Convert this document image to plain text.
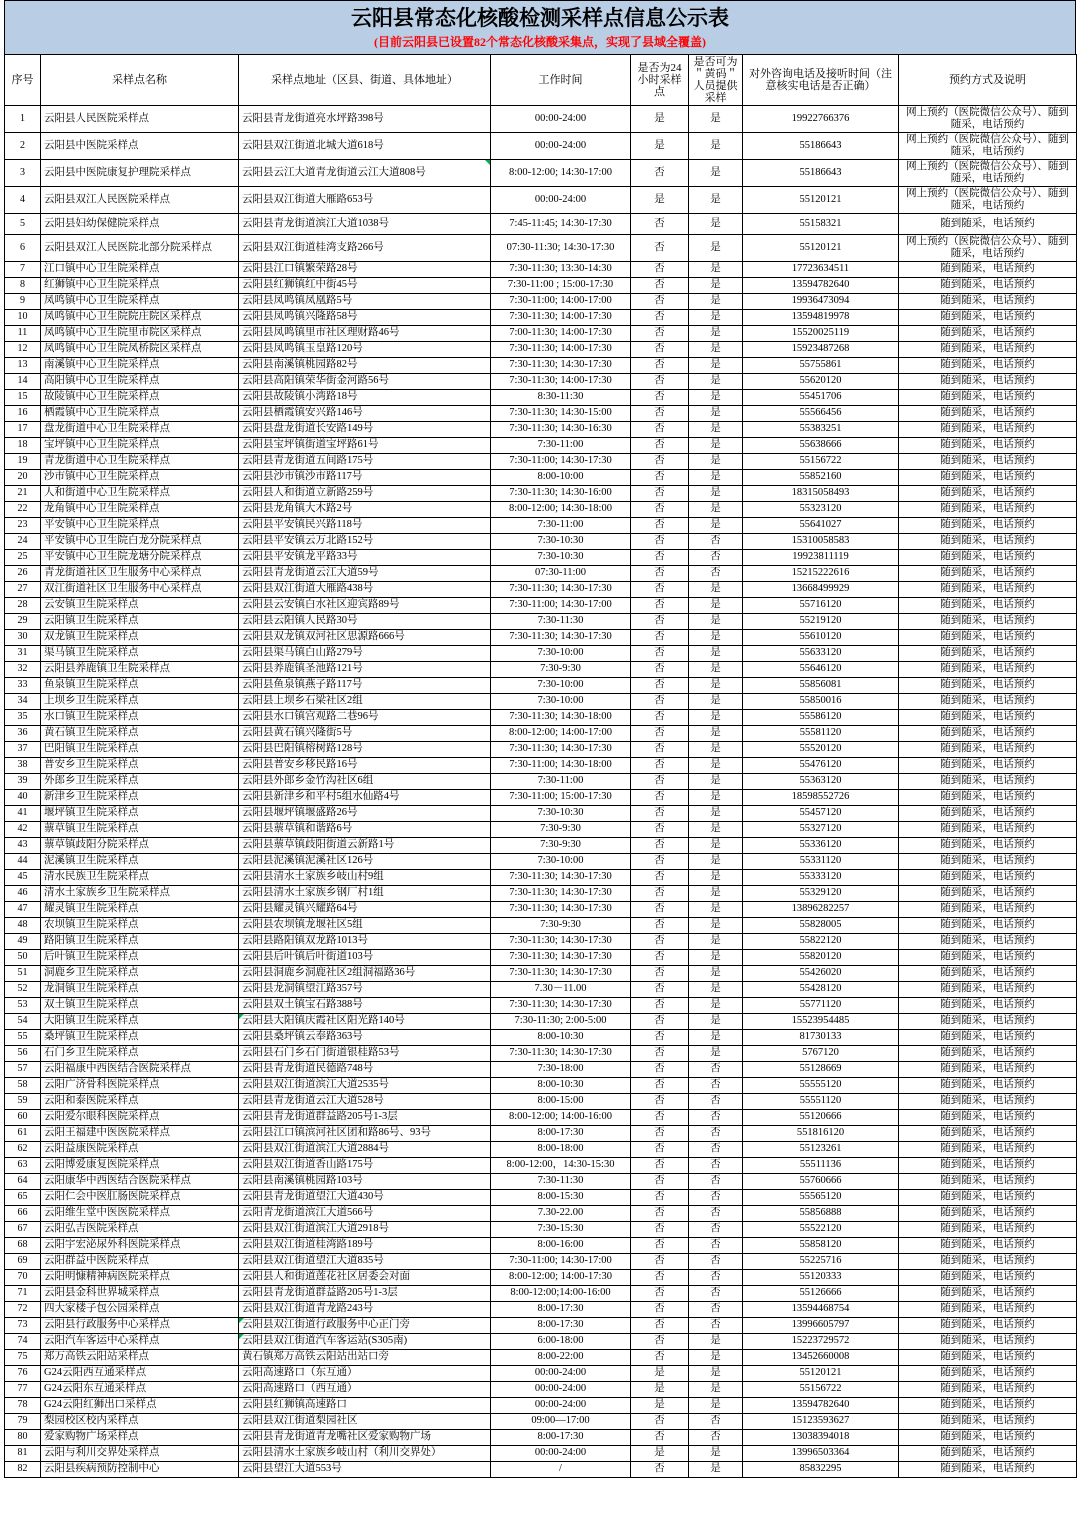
云阳县常态化核酸检测采样点信息公示表
(目前云阳县已设置82个常态化核酸采集点，实现了县域全覆盖)
序号	采样点名称	采样点地址（区县、街道、具体地址）	工作时间	是否为24小时采样点	是否可为＂黄码＂人员提供采样	对外咨询电话及接听时间（注意核实电话是否正确）	预约方式及说明
1	云阳县人民医院采样点	云阳县青龙街道亮水坪路398号	00:00-24:00	是	是	19922766376	网上预约（医院微信公众号）、随到随采，电话预约
2	云阳县中医院采样点	云阳县双江街道北城大道618号	00:00-24:00	是	是	55186643	网上预约（医院微信公众号）、随到随采，电话预约
3	云阳县中医院康复护理院采样点	云阳县云江大道青龙街道云江大道808号	8:00-12:00; 14:30-17:00	否	是	55186643	网上预约（医院微信公众号）、随到随采，电话预约
4	云阳县双江人民医院采样点	云阳县双江街道大雁路653号	00:00-24:00	是	是	55120121	网上预约（医院微信公众号）、随到随采，电话预约
5	云阳县妇幼保健院采样点	云阳县青龙街道滨江大道1038号	7:45-11:45; 14:30-17:30	否	是	55158321	随到随采，电话预约
6	云阳县双江人民医院北部分院采样点	云阳县双江街道桂湾支路266号	07:30-11:30; 14:30-17:30	否	是	55120121	网上预约（医院微信公众号）、随到随采，电话预约
7	江口镇中心卫生院采样点	云阳县江口镇繁荣路28号	7:30-11:30; 13:30-14:30	否	是	17723634511	随到随采，电话预约
8	红狮镇中心卫生院采样点	云阳县红狮镇红中街45号	7:30-11:00 ; 15:00-17:30	否	是	13594782640	随到随采，电话预约
9	凤鸣镇中心卫生院采样点	云阳县凤鸣镇凤凰路5号	7:30-11:00; 14:00-17:00	否	是	19936473094	随到随采，电话预约
10	凤鸣镇中心卫生院院庄院区采样点	云阳县凤鸣镇兴隆路58号	7:30-11:30; 14:00-17:30	否	是	13594819978	随到随采，电话预约
11	凤鸣镇中心卫生院里市院区采样点	云阳县凤鸣镇里市社区理财路46号	7:00-11:30; 14:00-17:30	否	是	15520025119	随到随采，电话预约
12	凤鸣镇中心卫生院凤桥院区采样点	云阳县凤鸣镇玉皇路120号	7:30-11:30; 14:00-17:30	否	是	15923487268	随到随采，电话预约
13	南溪镇中心卫生院采样点	云阳县南溪镇桃园路82号	7:30-11:30; 14:30-17:30	否	是	55755861	随到随采，电话预约
14	高阳镇中心卫生院采样点	云阳县高阳镇荣华街金河路56号	7:30-11:30; 14:00-17:30	否	是	55620120	随到随采，电话预约
15	故陵镇中心卫生院采样点	云阳县故陵镇小湾路18号	8:30-11:30	否	是	55451706	随到随采，电话预约
16	栖霞镇中心卫生院采样点	云阳县栖霞镇安兴路146号	7:30-11:30; 14:30-15:00	否	是	55566456	随到随采，电话预约
17	盘龙街道中心卫生院采样点	云阳县盘龙街道长安路149号	7:30-11:30; 14:30-16:30	否	是	55383251	随到随采，电话预约
18	宝坪镇中心卫生院采样点	云阳县宝坪镇街道宝坪路61号	7:30-11:00	否	是	55638666	随到随采，电话预约
19	青龙街道中心卫生院采样点	云阳县青龙街道五间路175号	7:30-11:00; 14:30-17:30	否	是	55156722	随到随采，电话预约
20	沙市镇中心卫生院采样点	云阳县沙市镇沙市路117号	8:00-10:00	否	是	55852160	随到随采，电话预约
21	人和街道中心卫生院采样点	云阳县人和街道立新路259号	7:30-11:30; 14:30-16:00	否	是	18315058493	随到随采，电话预约
22	龙角镇中心卫生院采样点	云阳县龙角镇大木路2号	8:00-12:00; 14:30-18:00	否	是	55323120	随到随采，电话预约
23	平安镇中心卫生院采样点	云阳县平安镇民兴路118号	7:30-11:00	否	是	55641027	随到随采，电话预约
24	平安镇中心卫生院白龙分院采样点	云阳县平安镇云万北路152号	7:30-10:30	否	否	15310058583	随到随采，电话预约
25	平安镇中心卫生院龙塘分院采样点	云阳县平安镇龙平路33号	7:30-10:30	否	否	19923811119	随到随采，电话预约
26	青龙街道社区卫生服务中心采样点	云阳县青龙街道云江大道59号	07:30-11:00	否	否	15215222616	随到随采，电话预约
27	双江街道社区卫生服务中心采样点	云阳县双江街道大雁路438号	7:30-11:30; 14:30-17:30	否	是	13668499929	随到随采，电话预约
28	云安镇卫生院采样点	云阳县云安镇白水社区迎宾路89号	7:30-11:00; 14:30-17:00	否	是	55716120	随到随采，电话预约
29	云阳镇卫生院采样点	云阳县云阳镇人民路30号	7:30-11:30	否	是	55219120	随到随采，电话预约
30	双龙镇卫生院采样点	云阳县双龙镇双河社区思源路666号	7:30-11:30; 14:30-17:30	否	是	55610120	随到随采，电话预约
31	渠马镇卫生院采样点	云阳县渠马镇白山路279号	7:30-10:00	否	是	55633120	随到随采，电话预约
32	云阳县养鹿镇卫生院采样点	云阳县养鹿镇圣池路121号	7:30-9:30	否	是	55646120	随到随采，电话预约
33	鱼泉镇卫生院采样点	云阳县鱼泉镇燕子路117号	7:30-10:00	否	是	55856081	随到随采，电话预约
34	上坝乡卫生院采样点	云阳县上坝乡石梁社区2组	7:30-10:00	否	是	55850016	随到随采，电话预约
35	水口镇卫生院采样点	云阳县水口镇宫观路二巷96号	7:30-11:30; 14:30-18:00	否	是	55586120	随到随采，电话预约
36	黄石镇卫生院采样点	云阳县黄石镇兴隆街5号	8:00-12:00; 14:00-17:00	否	是	55581120	随到随采，电话预约
37	巴阳镇卫生院采样点	云阳县巴阳镇榕树路128号	7:30-11:30; 14:30-17:30	否	是	55520120	随到随采，电话预约
38	普安乡卫生院采样点	云阳县普安乡移民路16号	7:30-11:00; 14:30-18:00	否	是	55476120	随到随采，电话预约
39	外郎乡卫生院采样点	云阳县外郎乡金竹沟社区6组	7:30-11:00	否	是	55363120	随到随采，电话预约
40	新津乡卫生院采样点	云阳县新津乡和平村5组水仙路4号	7:30-11:00; 15:00-17:30	否	是	18598552726	随到随采，电话预约
41	堰坪镇卫生院采样点	云阳县堰坪镇堰盛路26号	7:30-10:30	否	是	55457120	随到随采，电话预约
42	蔈草镇卫生院采样点	云阳县蔈草镇和谐路6号	7:30-9:30	否	是	55327120	随到随采，电话预约
43	蔈草镇歧阳分院采样点	云阳县蔈草镇歧阳街道云新路1号	7:30-9:30	否	是	55336120	随到随采，电话预约
44	泥溪镇卫生院采样点	云阳县泥溪镇泥溪社区126号	7:30-10:00	否	是	55331120	随到随采，电话预约
45	清水民族卫生院采样点	云阳县清水土家族乡岐山村9组	7:30-11:30; 14:30-17:30	否	是	55333120	随到随采，电话预约
46	清水土家族乡卫生院采样点	云阳县清水土家族乡钢厂村1组	7:30-11:30; 14:30-17:30	否	是	55329120	随到随采，电话预约
47	耀灵镇卫生院采样点	云阳县耀灵镇兴耀路64号	7:30-11:30; 14:30-17:30	否	是	13896282257	随到随采，电话预约
48	农坝镇卫生院采样点	云阳县农坝镇龙堰社区5组	7:30-9:30	否	是	55828005	随到随采，电话预约
49	路阳镇卫生院采样点	云阳县路阳镇双龙路1013号	7:30-11:30; 14:30-17:30	否	是	55822120	随到随采，电话预约
50	后叶镇卫生院采样点	云阳县后叶镇后叶街道103号	7:30-11:30; 14:30-17:30	否	是	55820120	随到随采，电话预约
51	洞鹿乡卫生院采样点	云阳县洞鹿乡洞鹿社区2组洞福路36号	7:30-11:30; 14:30-17:30	否	是	55426020	随到随采，电话预约
52	龙洞镇卫生院采样点	云阳县龙洞镇望江路357号	7.30－11.00	否	是	55428120	随到随采，电话预约
53	双土镇卫生院采样点	云阳县双土镇宝石路388号	7:30-11:30; 14:30-17:30	否	是	55771120	随到随采，电话预约
54	大阳镇卫生院采样点	云阳县大阳镇庆霞社区阳光路140号	7:30-11:30; 2:00-5:00	否	是	15523954485	随到随采，电话预约
55	桑坪镇卫生院采样点	云阳县桑坪镇云奉路363号	8:00-10:30	否	是	81730133	随到随采，电话预约
56	石门乡卫生院采样点	云阳县石门乡石门街道银桂路53号	7:30-11:30; 14:30-17:30	否	是	5767120	随到随采，电话预约
57	云阳福康中西医结合医院采样点	云阳县青龙街道民德路748号	7:30-18:00	否	否	55128669	随到随采，电话预约
58	云阳广济骨科医院采样点	云阳县双江街道滨江大道2535号	8:00-10:30	否	否	55555120	随到随采，电话预约
59	云阳和泰医院采样点	云阳县青龙街道云江大道528号	8:00-15:00	否	否	55551120	随到随采，电话预约
60	云阳爱尔眼科医院采样点	云阳县青龙街道群益路205号1-3层	8:00-12:00; 14:00-16:00	否	否	55120666	随到随采，电话预约
61	云阳王福建中医医院采样点	云阳县江口镇滨河社区团和路86号、93号	8:00-17:30	否	否	551816120	随到随采，电话预约
62	云阳益康医院采样点	云阳县双江街道滨江大道2884号	8:00-18:00	否	否	55123261	随到随采，电话预约
63	云阳博爱康复医院采样点	云阳县双江街道香山路175号	8:00-12:00，14:30-15:30	否	否	55511136	随到随采，电话预约
64	云阳康华中西医结合医院采样点	云阳县南溪镇桃园路103号	7:30-11:30	否	否	55760666	随到随采，电话预约
65	云阳仁会中医肛肠医院采样点	云阳县青龙街道望江大道430号	8:00-15:30	否	否	55565120	随到随采，电话预约
66	云阳维生堂中医医院采样点	云阳青龙街道滨江大道566号	7.30-22.00	否	否	55856888	随到随采，电话预约
67	云阳弘吉医院采样点	云阳县双江街道滨江大道2918号	7:30-15:30	否	否	55522120	随到随采，电话预约
68	云阳宇宏泌尿外科医院采样点	云阳县双江街道桂湾路189号	8:00-16:00	否	否	55858120	随到随采，电话预约
69	云阳群益中医院采样点	云阳县双江街道望江大道835号	7:30-11:00; 14:30-17:00	否	否	55225716	随到随采，电话预约
70	云阳明慷精神病医院采样点	云阳县人和街道莲花社区居委会对面	8:00-12:00; 14:00-17:30	否	否	55120333	随到随采，电话预约
71	云阳县金科世界城采样点	云阳县青龙街道群益路205号1-3层	8:00-12:00;14:00-16:00	否	否	55126666	随到随采，电话预约
72	四大家楼子包公园采样点	云阳县双江街道青龙路243号	8:00-17:30	否	否	13594468754	随到随采，电话预约
73	云阳县行政服务中心采样点	云阳县双江街道行政服务中心正门旁	8:00-17:30	否	否	13996605797	随到随采，电话预约
74	云阳汽车客运中心采样点	云阳县双江街道汽车客运站(S305南)	6:00-18:00	否	是	15223729572	随到随采，电话预约
75	郑万高铁云阳站采样点	黄石镇郑万高铁云阳站出站口旁	8:00-22:00	否	是	13452660008	随到随采，电话预约
76	G24云阳西互通采样点	云阳高速路口（东互通）	00:00-24:00	是	是	55120121	随到随采，电话预约
77	G24云阳东互通采样点	云阳高速路口（西互通）	00:00-24:00	是	是	55156722	随到随采，电话预约
78	G24云阳红狮出口采样点	云阳县红狮镇高速路口	00:00-24:00	是	是	13594782640	随到随采，电话预约
79	梨园校区校内采样点	云阳县双江街道梨园社区	09:00—17:00	否	否	15123593627	随到随采，电话预约
80	爱家购物广场采样点	云阳县青龙街道青龙嘴社区爱家购物广场	8:00-17:30	否	否	13038394018	随到随采，电话预约
81	云阳与利川交界处采样点	云阳县清水土家族乡岐山村（利川交界处）	00:00-24:00	是	是	13996503364	随到随采，电话预约
82	云阳县疾病预防控制中心	云阳县望江大道553号	/	否	是	85832295	随到随采，电话预约
